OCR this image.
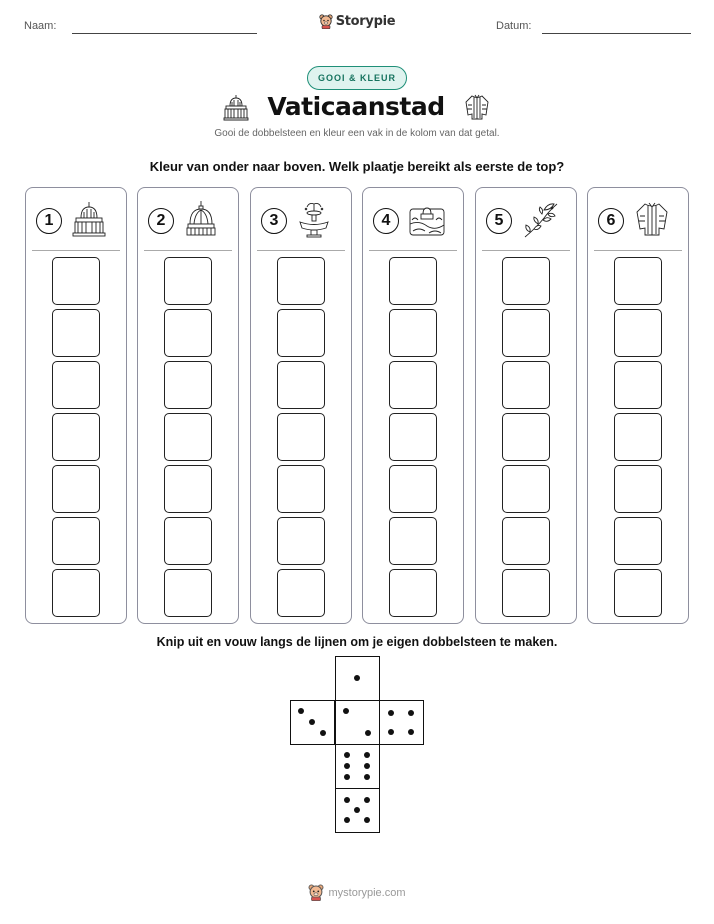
Naam:	Datum:
Storypie
GOOI & KLEUR
Vaticaanstad
Gooi de dobbelsteen en kleur een vak in de kolom van dat getal.
Kleur van onder naar boven. Welk plaatje bereikt als eerste de top?
1	2	3	4	5	6
Knip uit en vouw langs de lijnen om je eigen dobbelsteen te maken.
mystorypie.com
